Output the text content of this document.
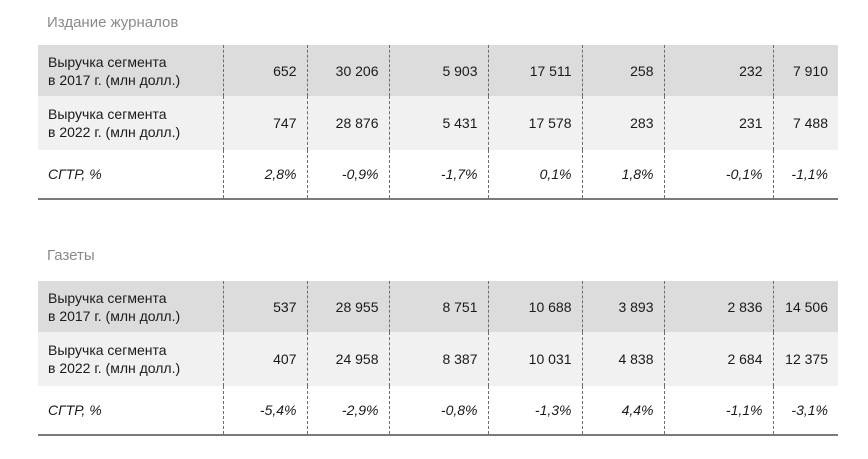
Издание журналов
Выручка сегмента
в 2017 г. (млн долл.)	652	30 206	5 903	17 511	258	232	7 910
Выручка сегмента
в 2022 г. (млн долл.)	747	28 876	5 431	17 578	283	231	7 488
СГТР, %	2,8%	-0,9%	-1,7%	0,1%	1,8%	-0,1%	-1,1%
Газеты
Выручка сегмента
в 2017 г. (млн долл.)	537	28 955	8 751	10 688	3 893	2 836	14 506
Выручка сегмента
в 2022 г. (млн долл.)	407	24 958	8 387	10 031	4 838	2 684	12 375
СГТР, %	-5,4%	-2,9%	-0,8%	-1,3%	4,4%	-1,1%	-3,1%
